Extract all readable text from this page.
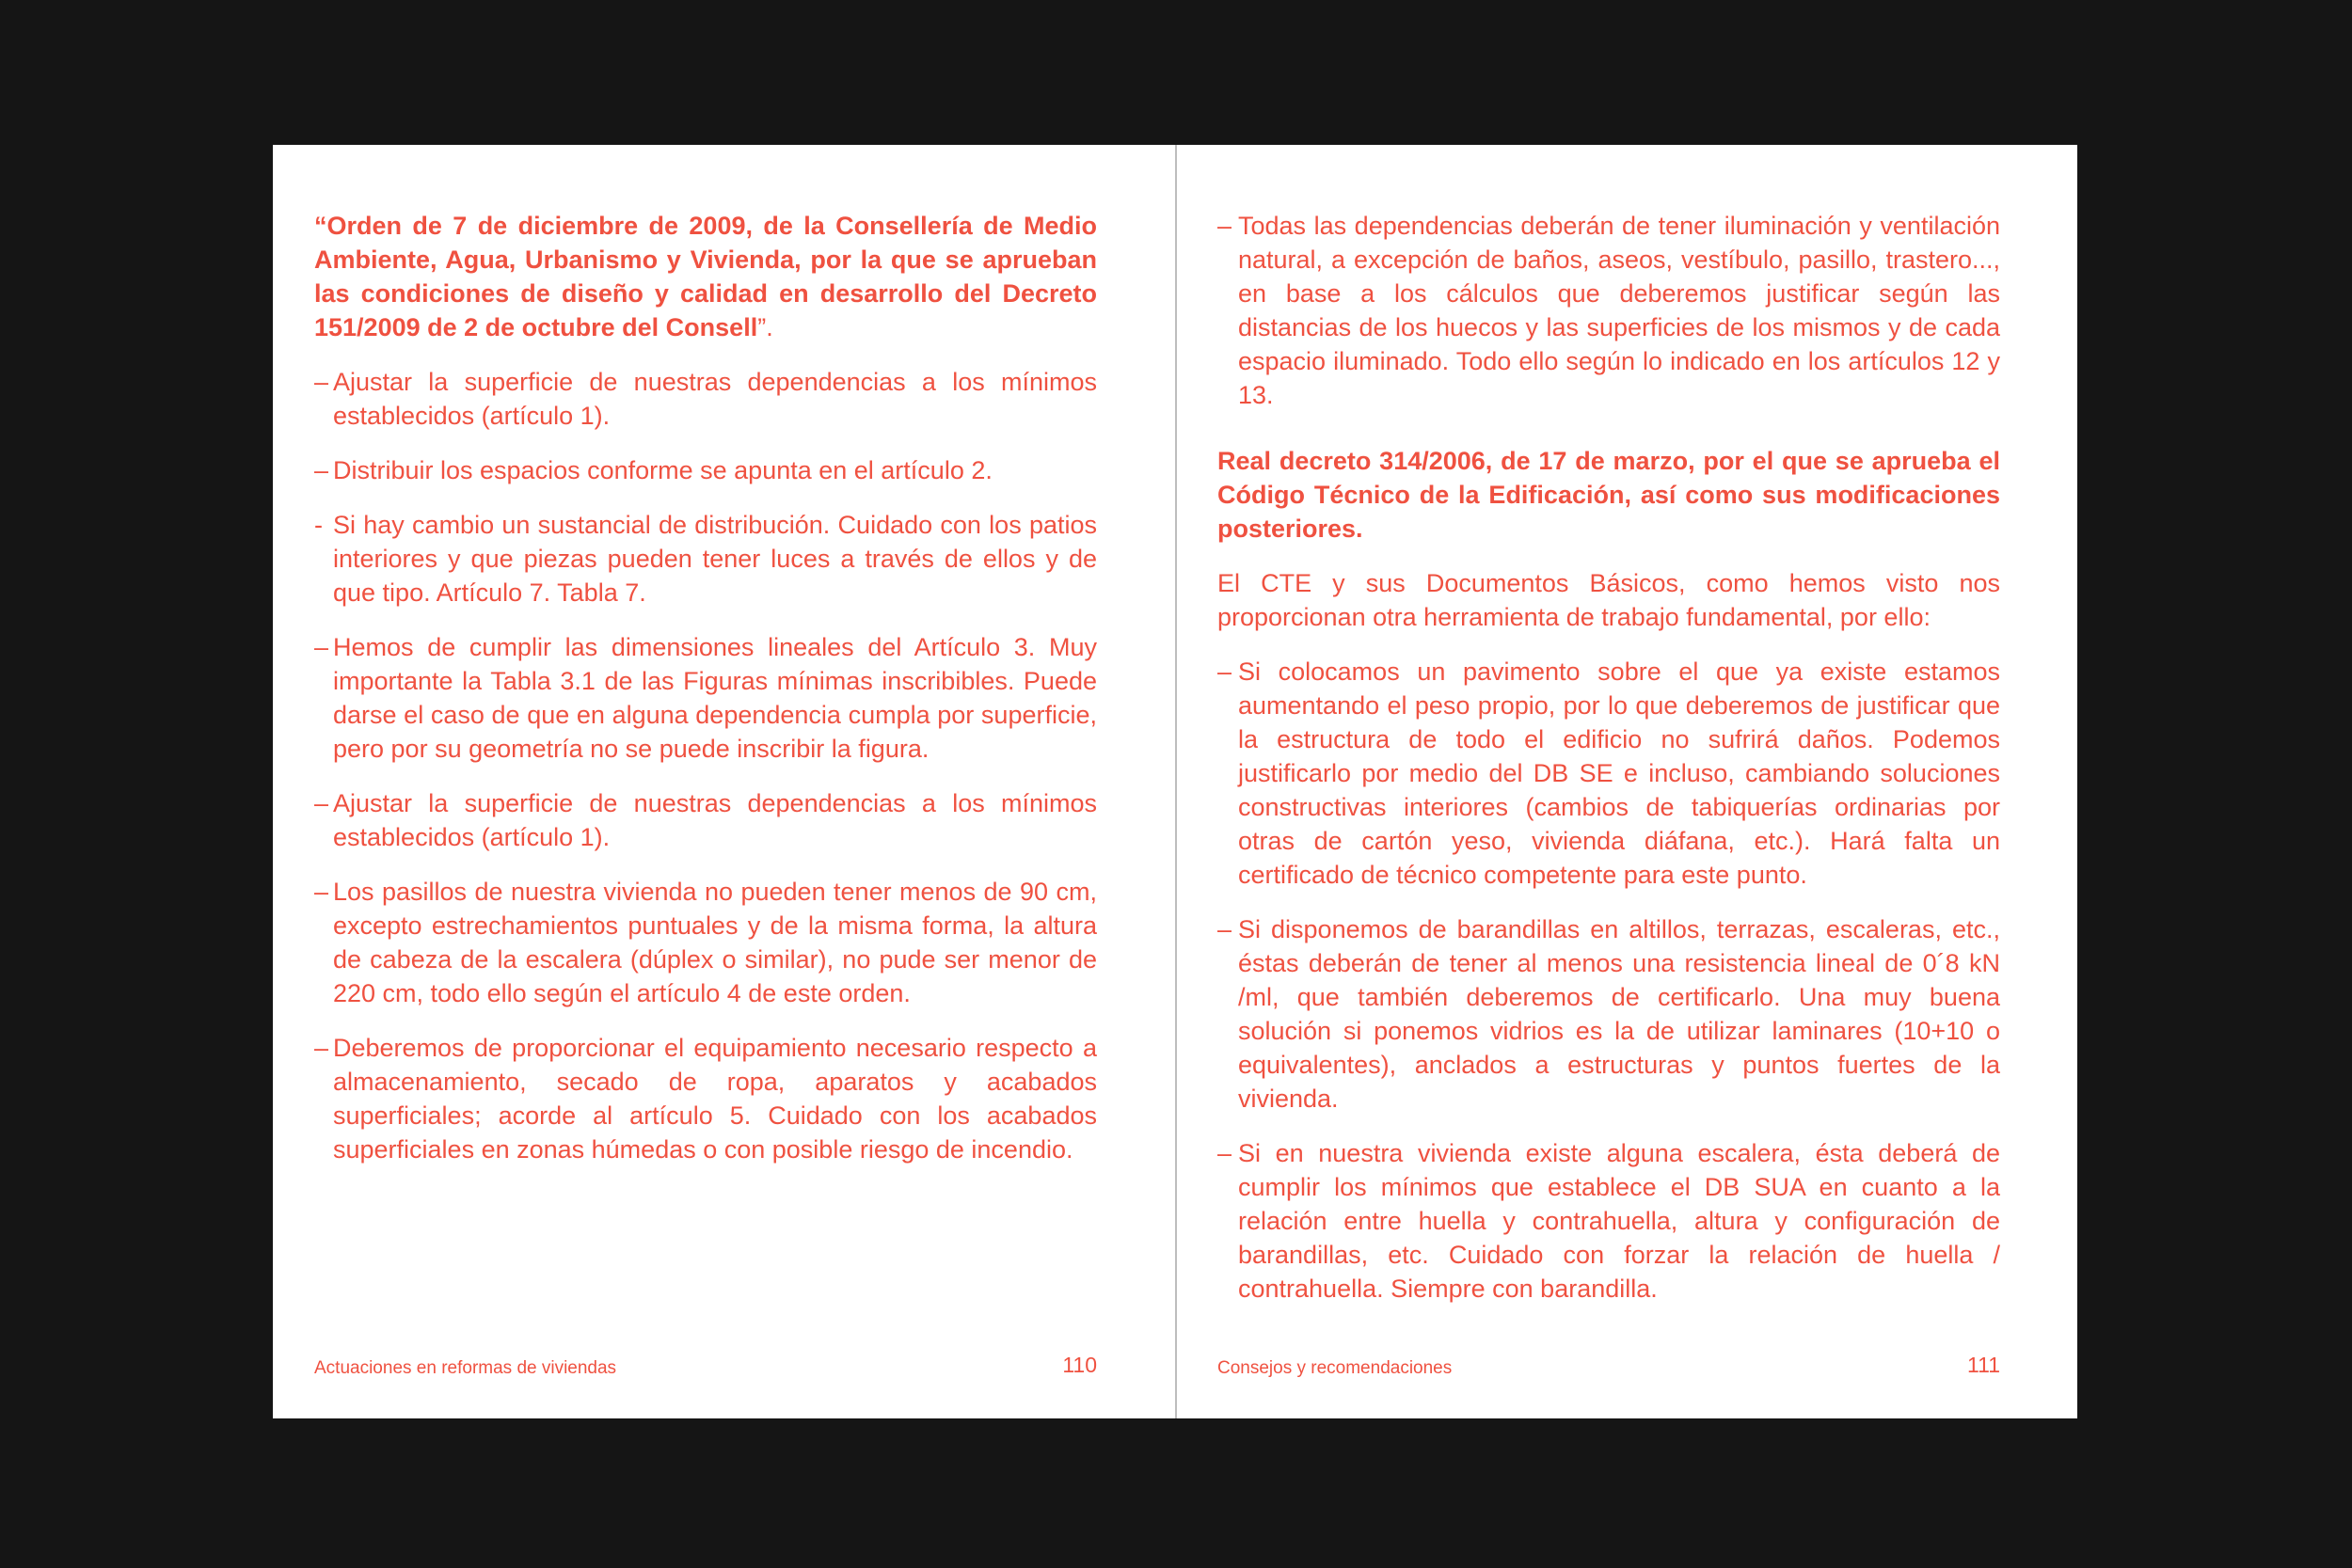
“Orden de 7 de diciembre de 2009, de la Consellería de Medio Ambiente, Agua, Urbanismo y Vivienda, por la que se aprueban las condiciones de diseño y calidad en desarrollo del Decreto 151/2009 de 2 de octubre del Consell”.

– Ajustar la superficie de nuestras dependencias a los mínimos establecidos (artículo 1).
– Distribuir los espacios conforme se apunta en el artículo 2.
- Si hay cambio un sustancial de distribución. Cuidado con los patios interiores y que piezas pueden tener luces a través de ellos y de que tipo. Artículo 7. Tabla 7.
– Hemos de cumplir las dimensiones lineales del Artículo 3. Muy importante la Tabla 3.1 de las Figuras mínimas inscribibles. Puede darse el caso de que en alguna dependencia cumpla por superficie, pero por su geometría no se puede inscribir la figura.
– Ajustar la superficie de nuestras dependencias a los mínimos establecidos (artículo 1).
– Los pasillos de nuestra vivienda no pueden tener menos de 90 cm, excepto estrechamientos puntuales y de la misma forma, la altura de cabeza de la escalera (dúplex o similar), no pude ser menor de 220 cm, todo ello según el artículo 4 de este orden.
– Deberemos de proporcionar el equipamiento necesario respecto a almacenamiento, secado de ropa, aparatos y acabados superficiales; acorde al artículo 5. Cuidado con los acabados superficiales en zonas húmedas o con posible riesgo de incendio.
Actuaciones en reformas de viviendas	110
– Todas las dependencias deberán de tener iluminación y ventilación natural, a excepción de baños, aseos, vestíbulo, pasillo, trastero..., en base a los cálculos que deberemos justificar según las distancias de los huecos y las superficies de los mismos y de cada espacio iluminado. Todo ello según lo indicado en los artículos 12 y 13.

Real decreto 314/2006, de 17 de marzo, por el que se aprueba el Código Técnico de la Edificación, así como sus modificaciones posteriores.

El CTE y sus Documentos Básicos, como hemos visto nos proporcionan otra herramienta de trabajo fundamental, por ello:

– Si colocamos un pavimento sobre el que ya existe estamos aumentando el peso propio, por lo que deberemos de justificar que la estructura de todo el edificio no sufrirá daños. Podemos justificarlo por medio del DB SE e incluso, cambiando soluciones constructivas interiores (cambios de tabiquerías ordinarias por otras de cartón yeso, vivienda diáfana, etc.). Hará falta un certificado de técnico competente para este punto.
– Si disponemos de barandillas en altillos, terrazas, escaleras, etc., éstas deberán de tener al menos una resistencia lineal de 0´8 kN /ml, que también deberemos de certificarlo. Una muy buena solución si ponemos vidrios es la de utilizar laminares (10+10 o equivalentes), anclados a estructuras y puntos fuertes de la vivienda.
– Si en nuestra vivienda existe alguna escalera, ésta deberá de cumplir los mínimos que establece el DB SUA en cuanto a la relación entre huella y contrahuella, altura y configuración de barandillas, etc. Cuidado con forzar la relación de huella / contrahuella. Siempre con barandilla.
Consejos y recomendaciones	111
